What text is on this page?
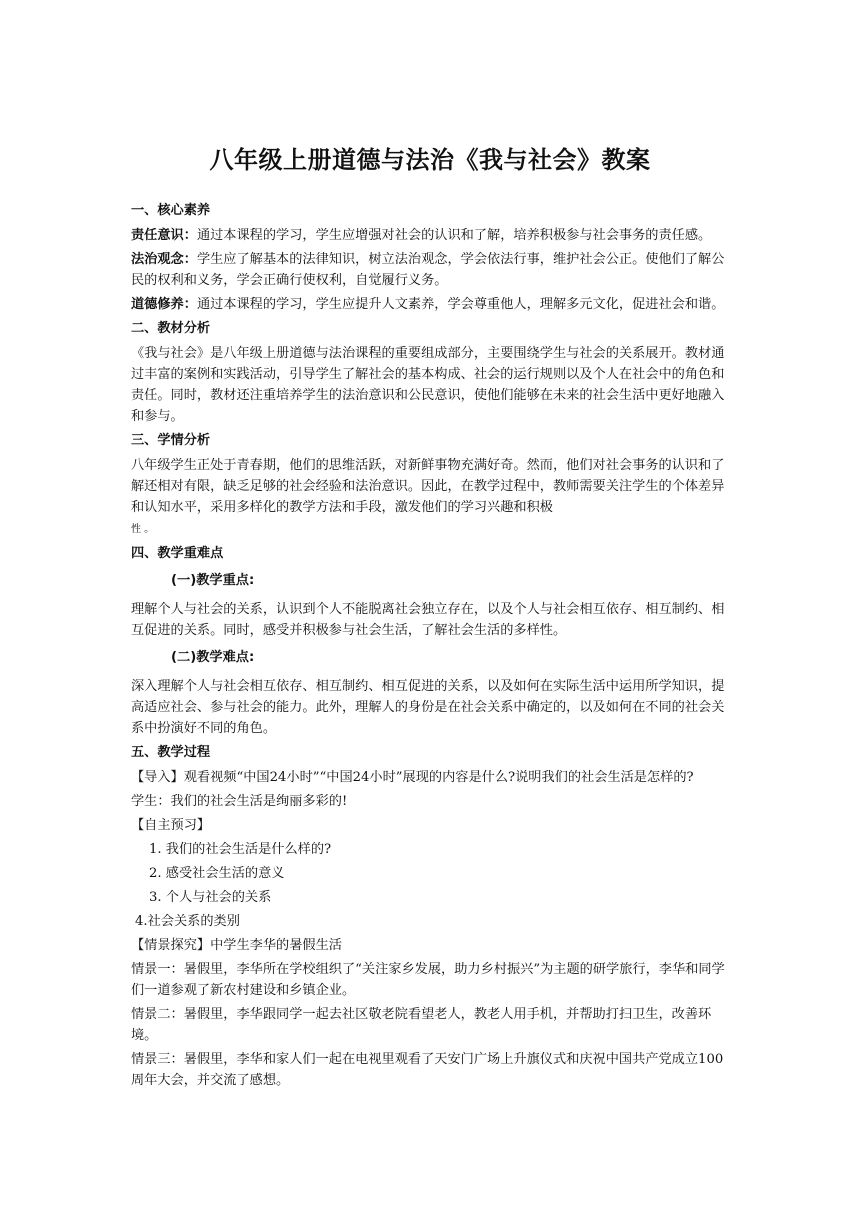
八年级上册道德与法治《我与社会》教案
一、核心素养

责任意识：通过本课程的学习，学生应增强对社会的认识和了解，培养积极参与社会事务的责任感。

法治观念：学生应了解基本的法律知识，树立法治观念，学会依法行事，维护社会公正。使他们了解公民的权利和义务，学会正确行使权利，自觉履行义务。

道德修养：通过本课程的学习，学生应提升人文素养，学会尊重他人，理解多元文化，促进社会和谐。

二、教材分析

《我与社会》是八年级上册道德与法治课程的重要组成部分，主要围绕学生与社会的关系展开。教材通过丰富的案例和实践活动，引导学生了解社会的基本构成、社会的运行规则以及个人在社会中的角色和责任。同时，教材还注重培养学生的法治意识和公民意识，使他们能够在未来的社会生活中更好地融入和参与。

三、学情分析

八年级学生正处于青春期，他们的思维活跃，对新鲜事物充满好奇。然而，他们对社会事务的认识和了解还相对有限，缺乏足够的社会经验和法治意识。因此，在教学过程中，教师需要关注学生的个体差异和认知水平，采用多样化的教学方法和手段，激发他们的学习兴趣和积极
性 。

四、教学重难点
(一)教学重点:

理解个人与社会的关系，认识到个人不能脱离社会独立存在，以及个人与社会相互依存、相互制约、相互促进的关系。同时，感受并积极参与社会生活，了解社会生活的多样性。

(二)教学难点:

深入理解个人与社会相互依存、相互制约、相互促进的关系，以及如何在实际生活中运用所学知识，提高适应社会、参与社会的能力。此外，理解人的身份是在社会关系中确定的，以及如何在不同的社会关系中扮演好不同的角色。

五、教学过程

【导入】观看视频“中国24小时”“中国24小时”展现的内容是什么?说明我们的社会生活是怎样的?

学生：我们的社会生活是绚丽多彩的!

【自主预习】

1. 我们的社会生活是什么样的?
2. 感受社会生活的意义
3. 个人与社会的关系
4.社会关系的类别

【情景探究】中学生李华的暑假生活

情景一：暑假里，李华所在学校组织了“关注家乡发展，助力乡村振兴”为主题的研学旅行，李华和同学们一道参观了新农村建设和乡镇企业。

情景二：暑假里，李华跟同学一起去社区敬老院看望老人，教老人用手机，并帮助打扫卫生，改善环境。

情景三：暑假里，李华和家人们一起在电视里观看了天安门广场上升旗仪式和庆祝中国共产党成立100周年大会，并交流了感想。
